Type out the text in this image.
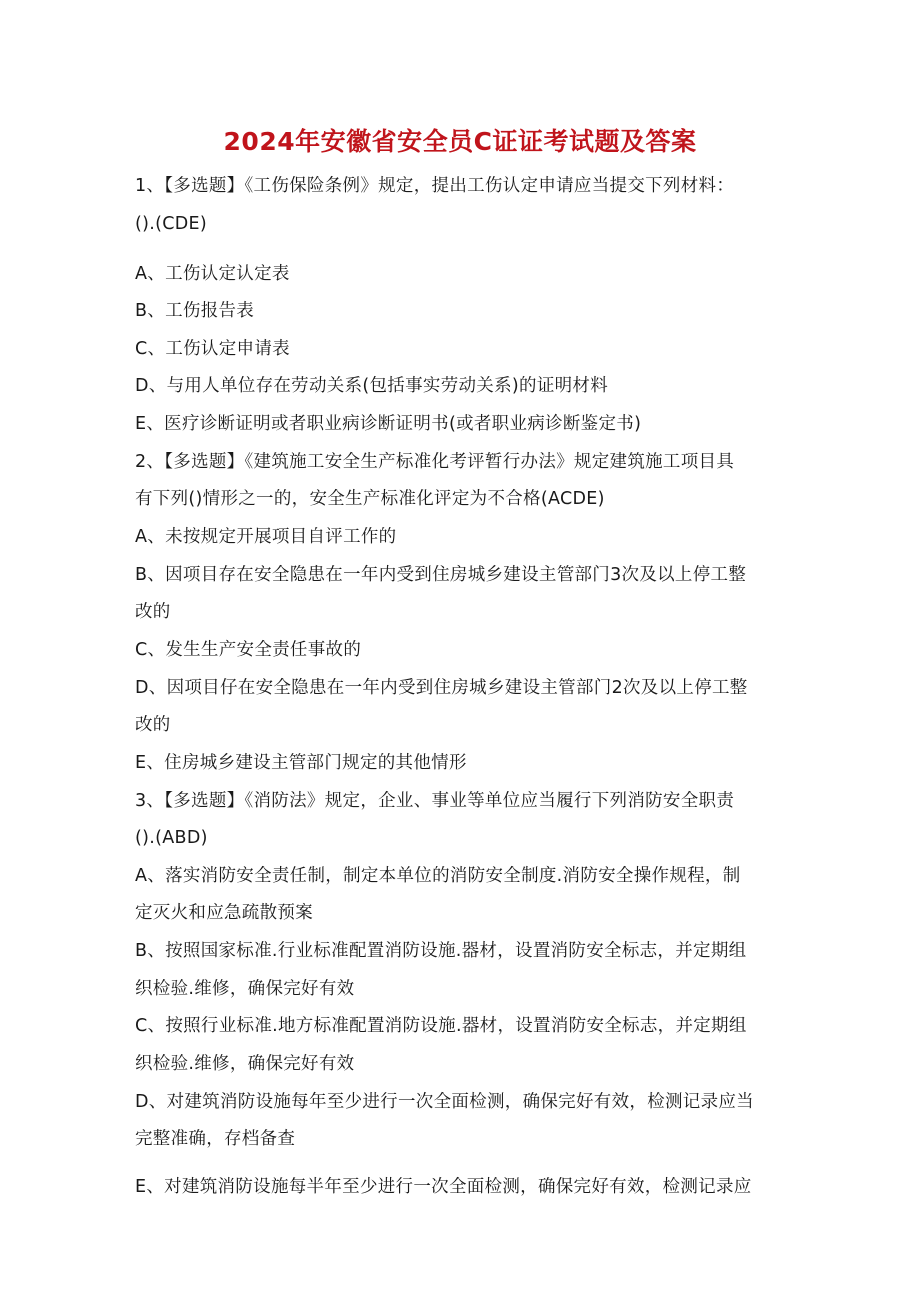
2024年安徽省安全员C证证考试题及答案
1、【多选题】《工伤保险条例》规定，提出工伤认定申请应当提交下列材料：
().(CDE)
A、工伤认定认定表
B、工伤报告表
C、工伤认定申请表
D、与用人单位存在劳动关系(包括事实劳动关系)的证明材料
E、医疗诊断证明或者职业病诊断证明书(或者职业病诊断鉴定书)
2、【多选题】《建筑施工安全生产标准化考评暂行办法》规定建筑施工项目具
有下列()情形之一的，安全生产标准化评定为不合格(ACDE)
A、未按规定开展项目自评工作的
B、因项目存在安全隐患在一年内受到住房城乡建设主管部门3次及以上停工整
改的
C、发生生产安全责任事故的
D、因项目仔在安全隐患在一年内受到住房城乡建设主管部门2次及以上停工整
改的
E、住房城乡建设主管部门规定的其他情形
3、【多选题】《消防法》规定，企业、事业等单位应当履行下列消防安全职责
().(ABD)
A、落实消防安全责任制，制定本单位的消防安全制度.消防安全操作规程，制
定灭火和应急疏散预案
B、按照国家标准.行业标准配置消防设施.器材，设置消防安全标志，并定期组
织检验.维修，确保完好有效
C、按照行业标准.地方标准配置消防设施.器材，设置消防安全标志，并定期组
织检验.维修，确保完好有效
D、对建筑消防设施每年至少进行一次全面检测，确保完好有效，检测记录应当
完整准确，存档备查
E、对建筑消防设施每半年至少进行一次全面检测，确保完好有效，检测记录应
